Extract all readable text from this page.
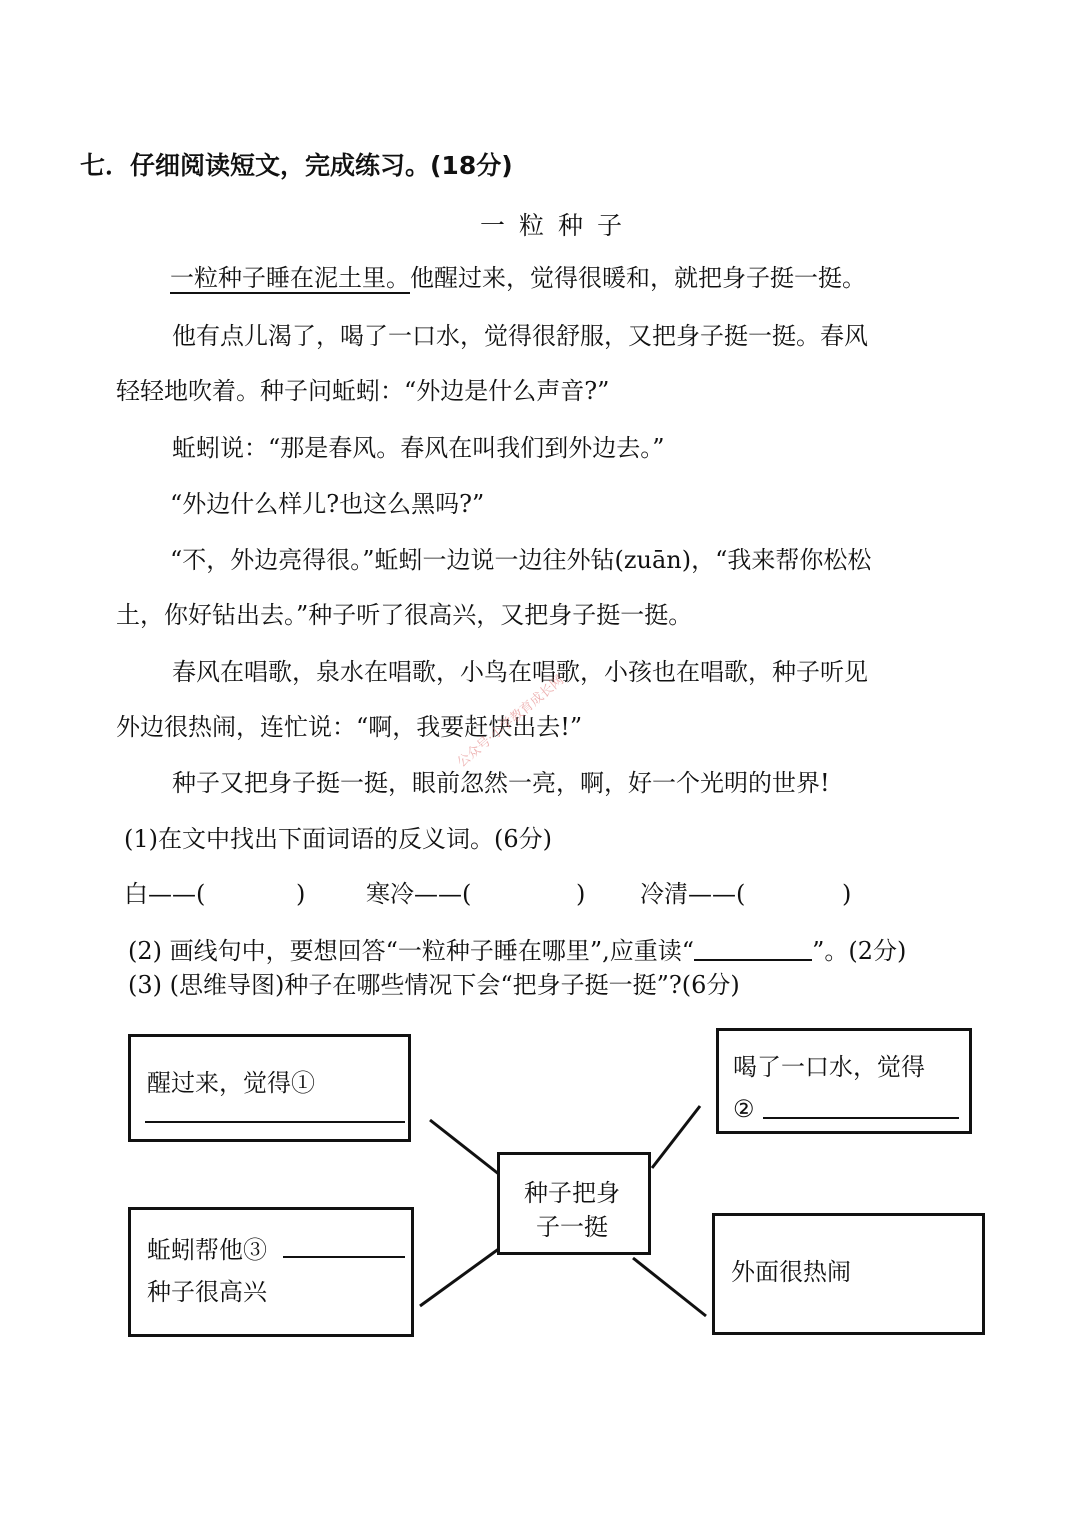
七．仔细阅读短文，完成练习。(18分)
一粒种子
一粒种子睡在泥土里。他醒过来，觉得很暖和，就把身子挺一挺。
他有点儿渴了，喝了一口水，觉得很舒服，又把身子挺一挺。春风
轻轻地吹着。种子问蚯蚓：“外边是什么声音?”
蚯蚓说：“那是春风。春风在叫我们到外边去。”
“外边什么样儿?也这么黑吗?”
“不，外边亮得很。”蚯蚓一边说一边往外钻(zuān)，“我来帮你松松
土，你好钻出去。”种子听了很高兴，又把身子挺一挺。
春风在唱歌，泉水在唱歌，小鸟在唱歌，小孩也在唱歌，种子听见
外边很热闹，连忙说：“啊，我要赶快出去!”
种子又把身子挺一挺，眼前忽然一亮，啊，好一个光明的世界!
公众号·小学教育成长网
(1)在文中找出下面词语的反义词。(6分)
白——(	)	寒冷——(	) 冷清——(	)
(2) 画线句中，要想回答“一粒种子睡在哪里”,应重读“	”。(2分)
(3) (思维导图)种子在哪些情况下会“把身子挺一挺”?(6分)
醒过来，觉得①
喝了一口水，觉得
②
种子把身
子一挺
蚯蚓帮他③
种子很高兴
外面很热闹
